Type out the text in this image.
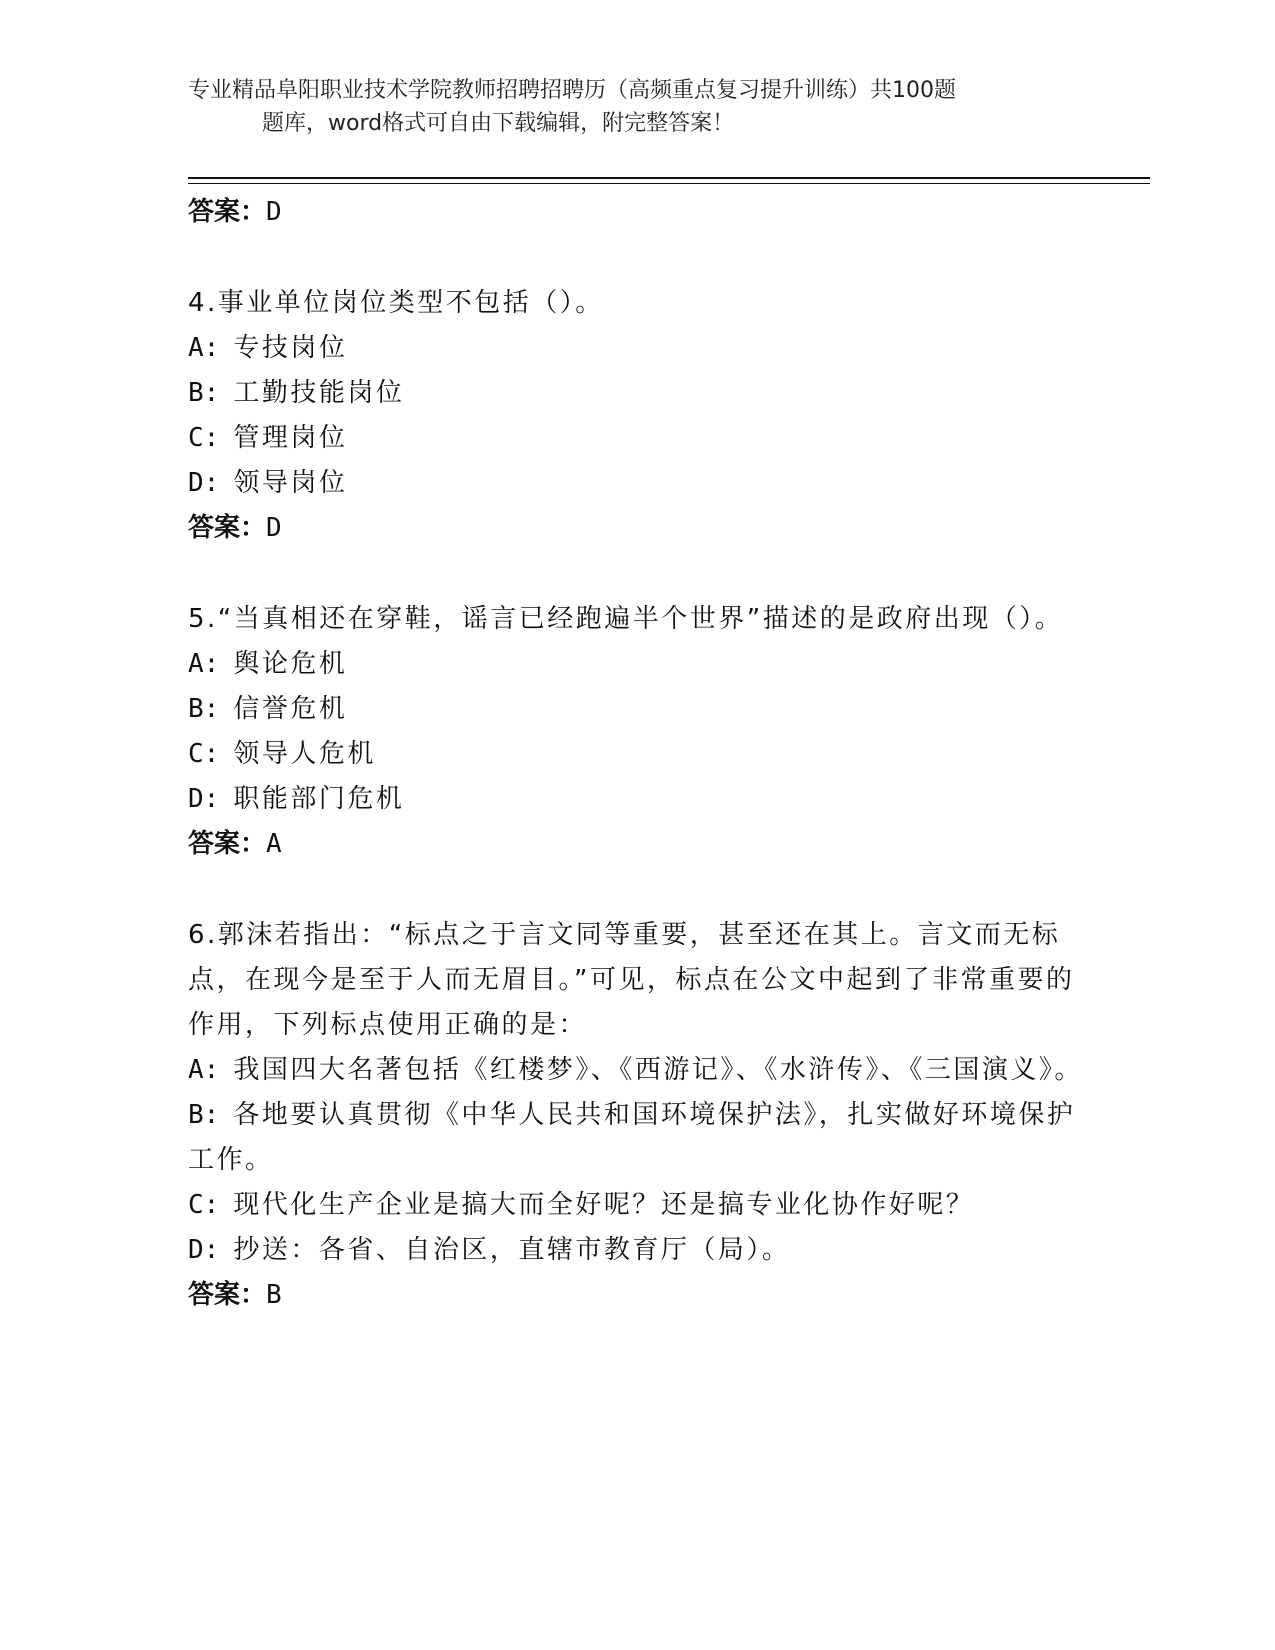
专业精品阜阳职业技术学院教师招聘招聘历（高频重点复习提升训练）共100题
题库，word格式可自由下载编辑，附完整答案！
答案：D
4.事业单位岗位类型不包括（）。
A: 专技岗位
B: 工勤技能岗位
C: 管理岗位
D: 领导岗位
答案：D
5.“当真相还在穿鞋，谣言已经跑遍半个世界”描述的是政府出现（）。
A: 舆论危机
B: 信誉危机
C: 领导人危机
D: 职能部门危机
答案：A
6.郭沫若指出：“标点之于言文同等重要，甚至还在其上。言文而无标点，在现今是至于人而无眉目。”可见，标点在公文中起到了非常重要的作用，下列标点使用正确的是：
A: 我国四大名著包括《红楼梦》、《西游记》、《水浒传》、《三国演义》。
B: 各地要认真贯彻《中华人民共和国环境保护法》，扎实做好环境保护工作。
C: 现代化生产企业是搞大而全好呢？还是搞专业化协作好呢？
D: 抄送：各省、自治区，直辖市教育厅（局）。
答案：B
